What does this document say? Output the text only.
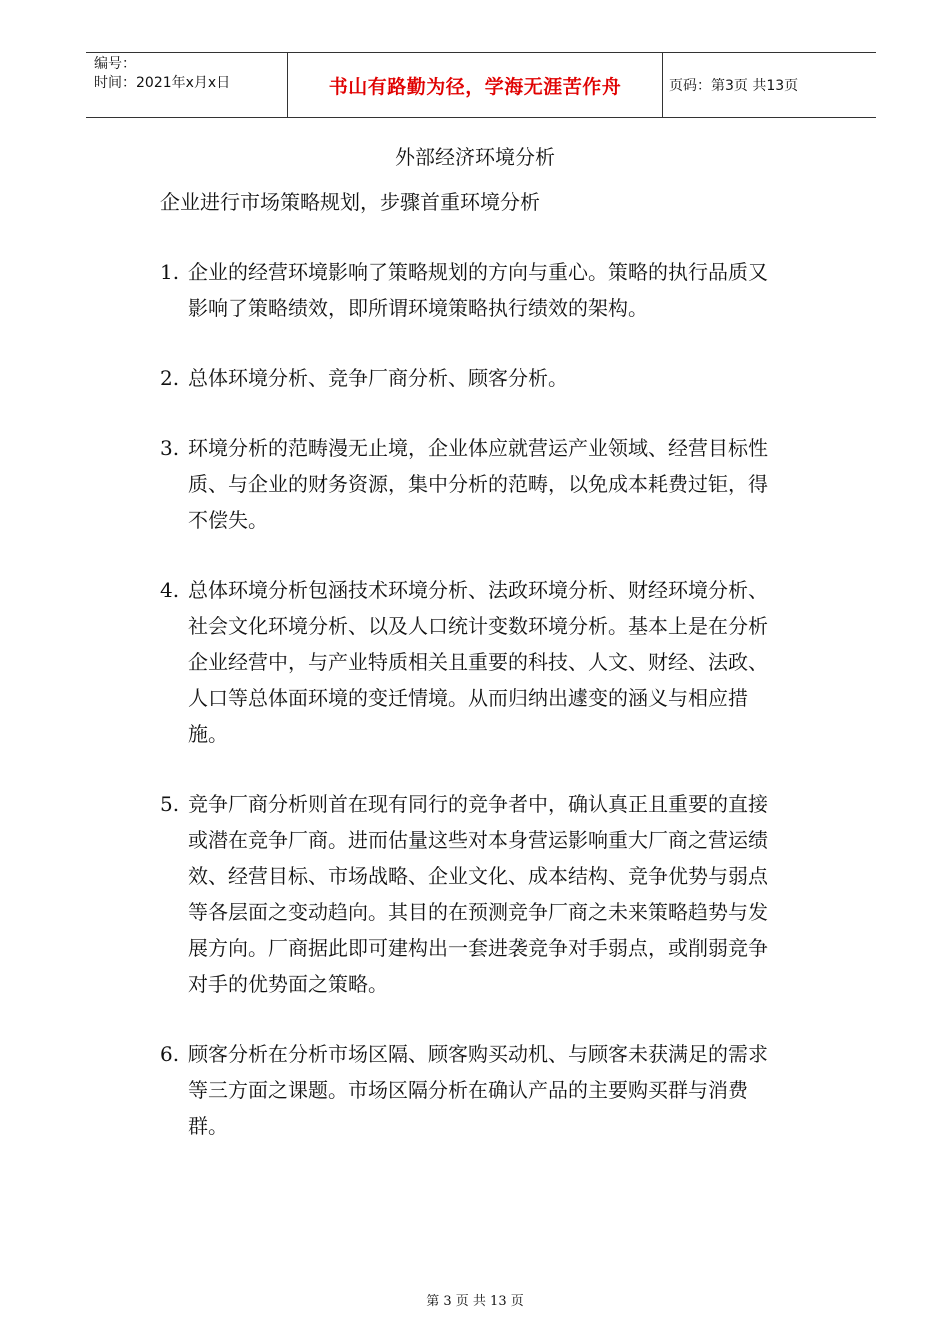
编号：
时间：2021年x月x日	书山有路勤为径，学海无涯苦作舟	页码：第3页 共13页
外部经济环境分析
企业进行市场策略规划，步骤首重环境分析
1. 企业的经营环境影响了策略规划的方向与重心。策略的执行品质又影响了策略绩效，即所谓环境策略执行绩效的架构。
2. 总体环境分析、竞争厂商分析、顾客分析。
3. 环境分析的范畴漫无止境，企业体应就营运产业领域、经营目标性质、与企业的财务资源，集中分析的范畴，以免成本耗费过钜，得不偿失。
4. 总体环境分析包涵技术环境分析、法政环境分析、财经环境分析、社会文化环境分析、以及人口统计变数环境分析。基本上是在分析企业经营中，与产业特质相关且重要的科技、人文、财经、法政、人口等总体面环境的变迁情境。从而归纳出遽变的涵义与相应措施。
5. 竞争厂商分析则首在现有同行的竞争者中，确认真正且重要的直接或潜在竞争厂商。进而估量这些对本身营运影响重大厂商之营运绩效、经营目标、市场战略、企业文化、成本结构、竞争优势与弱点等各层面之变动趋向。其目的在预测竞争厂商之未来策略趋势与发展方向。厂商据此即可建构出一套进袭竞争对手弱点，或削弱竞争对手的优势面之策略。
6. 顾客分析在分析市场区隔、顾客购买动机、与顾客未获满足的需求等三方面之课题。市场区隔分析在确认产品的主要购买群与消费群。
第 3 页 共 13 页
